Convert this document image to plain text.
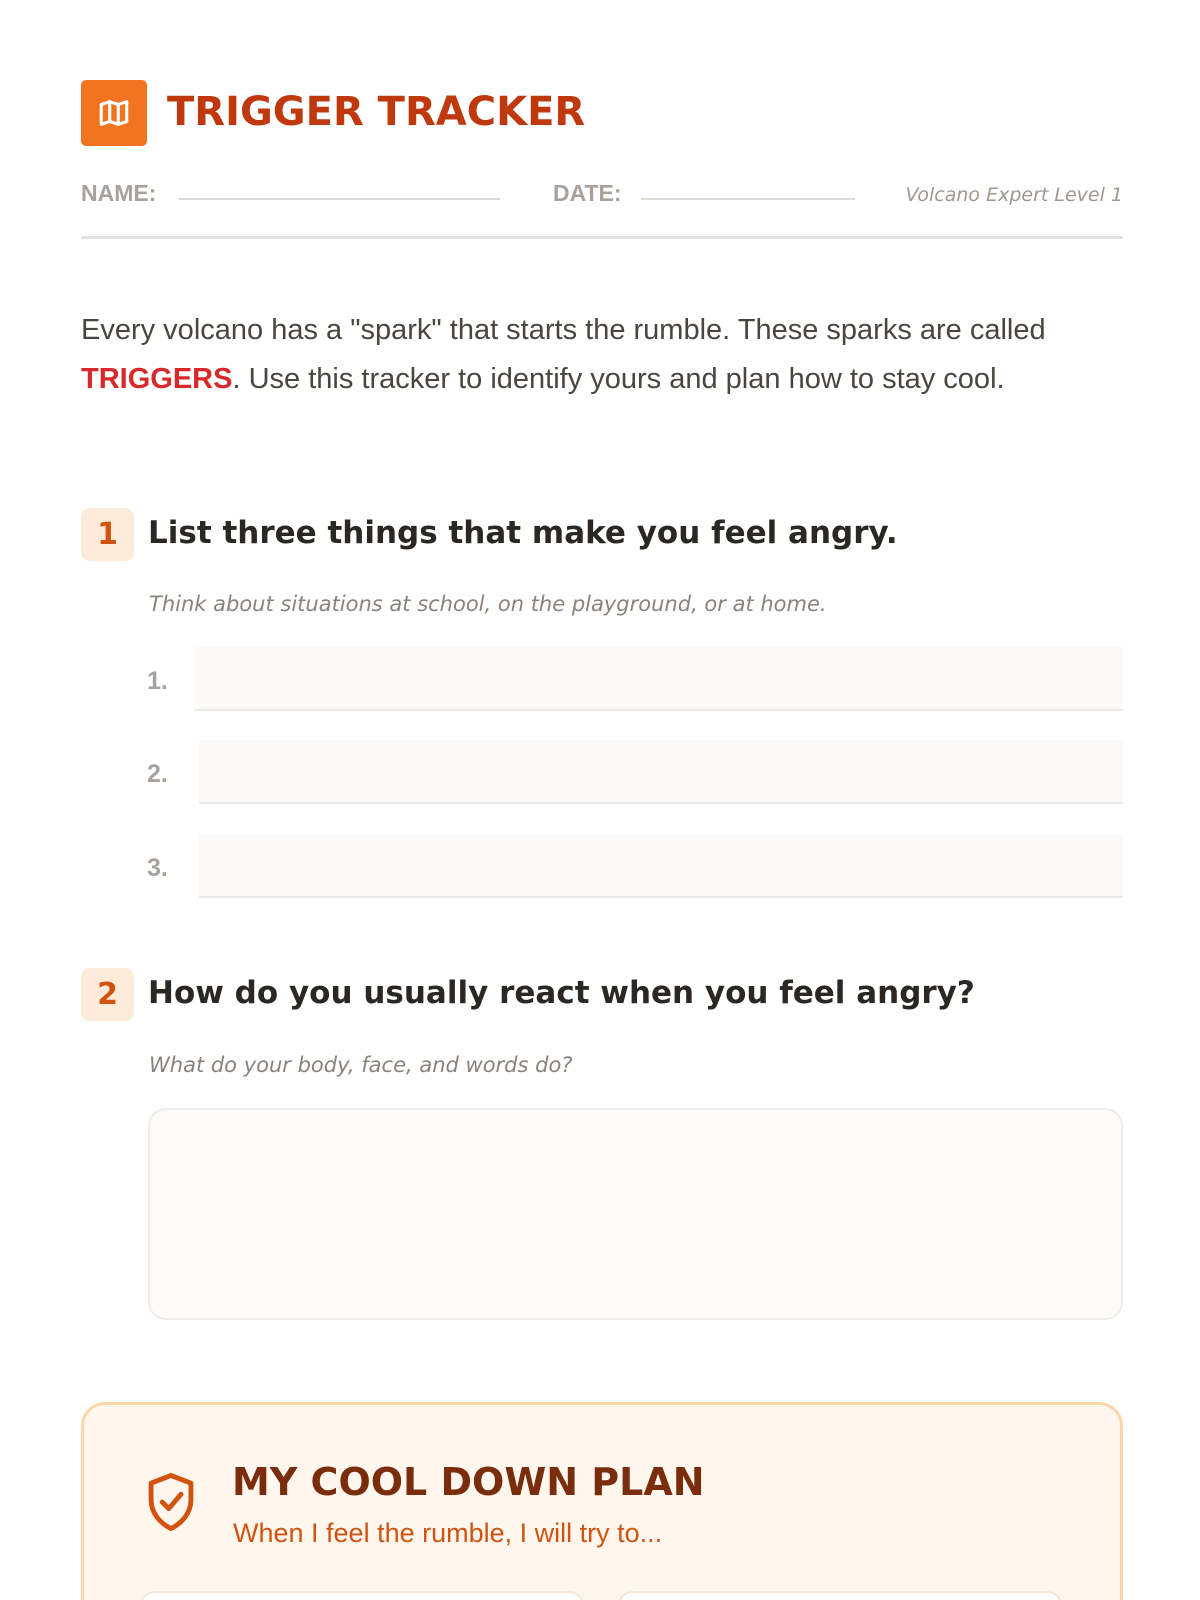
TRIGGER TRACKER
NAME:	DATE:	Volcano Expert Level 1
Every volcano has a "spark" that starts the rumble. These sparks are called TRIGGERS. Use this tracker to identify yours and plan how to stay cool.
1 List three things that make you feel angry.
Think about situations at school, on the playground, or at home.
1.
2.
3.
2 How do you usually react when you feel angry?
What do your body, face, and words do?
MY COOL DOWN PLAN
When I feel the rumble, I will try to...
